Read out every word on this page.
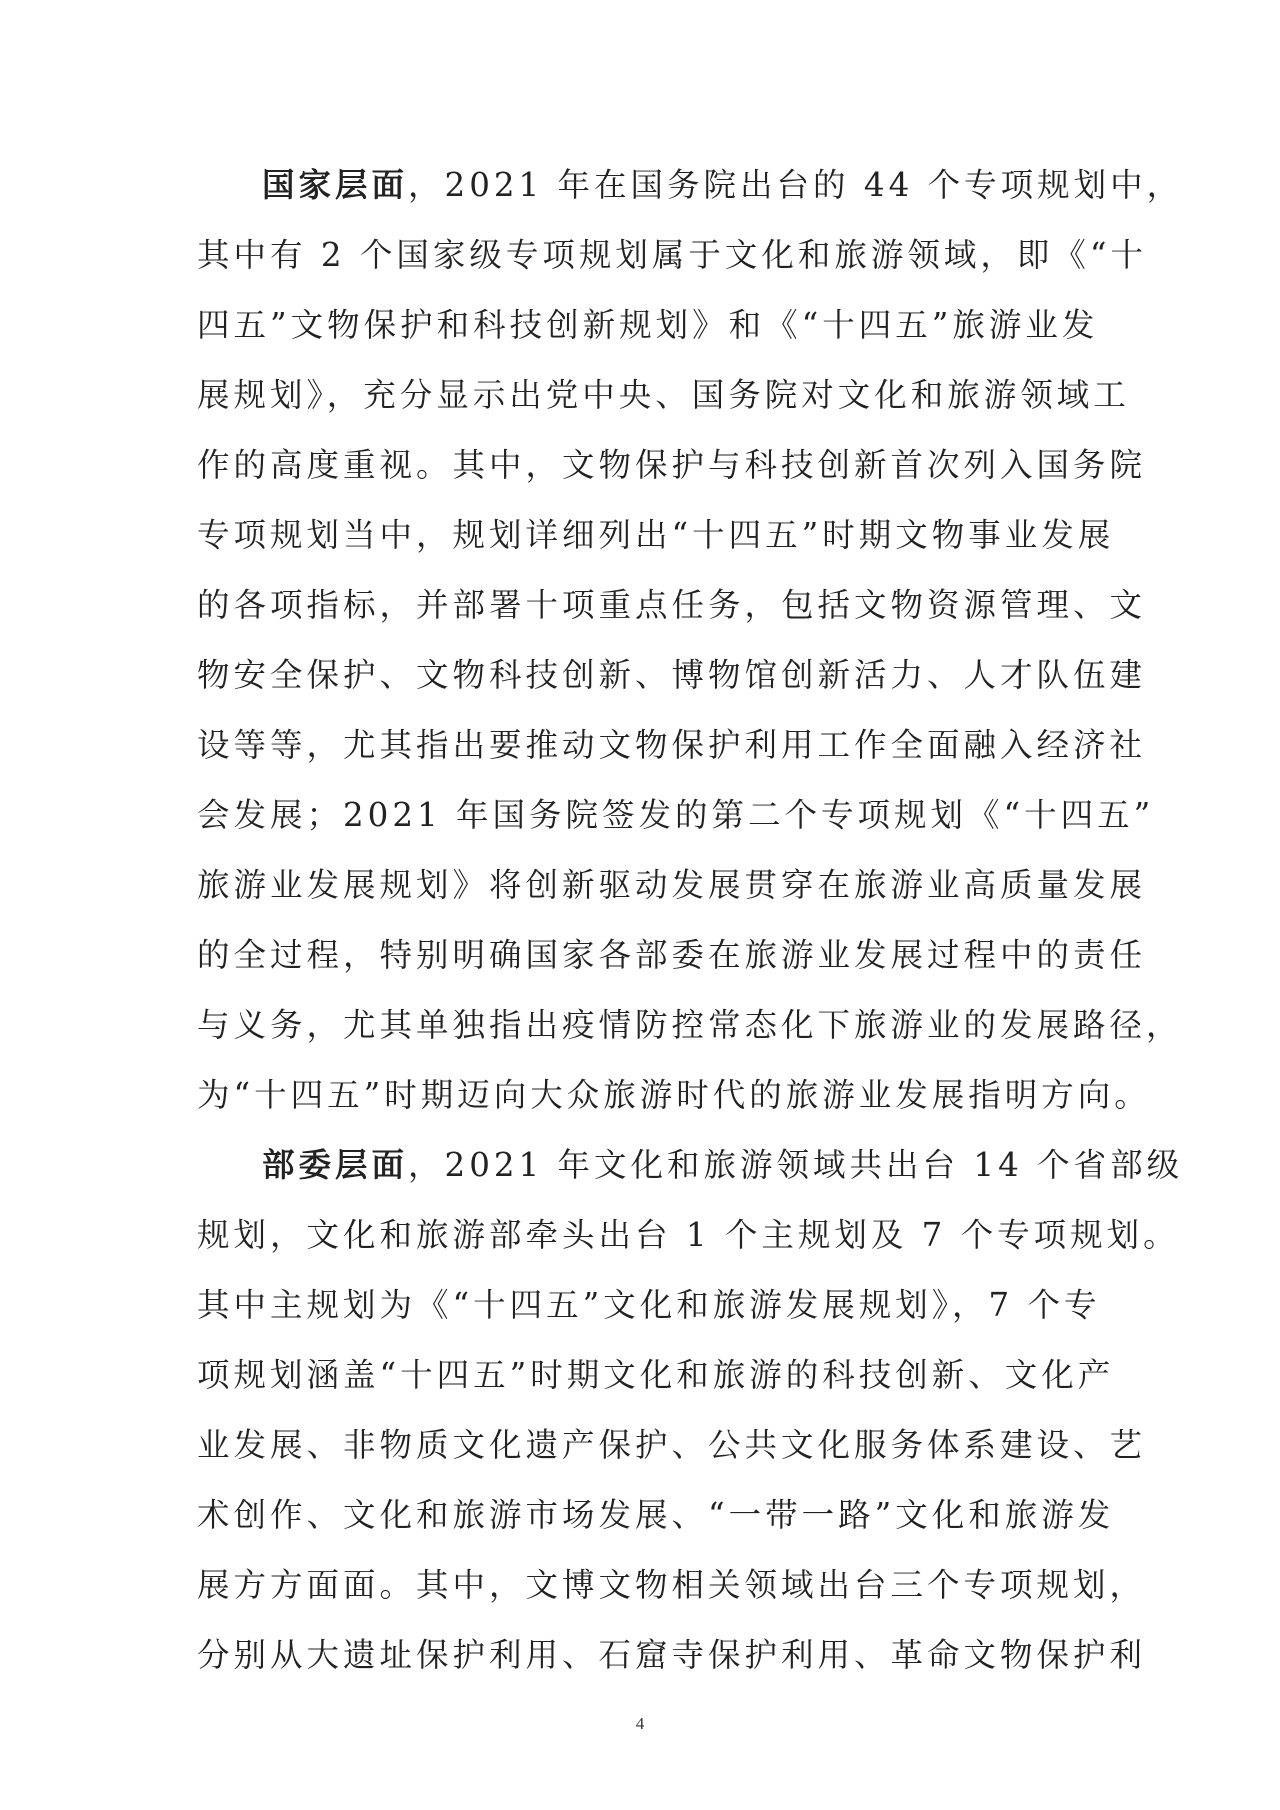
国家层面，2021 年在国务院出台的 44 个专项规划中，
其中有 2 个国家级专项规划属于文化和旅游领域，即《“十
四五”文物保护和科技创新规划》和《“十四五”旅游业发
展规划》，充分显示出党中央、国务院对文化和旅游领域工
作的高度重视。其中，文物保护与科技创新首次列入国务院
专项规划当中，规划详细列出“十四五”时期文物事业发展
的各项指标，并部署十项重点任务，包括文物资源管理、文
物安全保护、文物科技创新、博物馆创新活力、人才队伍建
设等等，尤其指出要推动文物保护利用工作全面融入经济社
会发展；2021 年国务院签发的第二个专项规划《“十四五”
旅游业发展规划》将创新驱动发展贯穿在旅游业高质量发展
的全过程，特别明确国家各部委在旅游业发展过程中的责任
与义务，尤其单独指出疫情防控常态化下旅游业的发展路径，
为“十四五”时期迈向大众旅游时代的旅游业发展指明方向。
部委层面，2021 年文化和旅游领域共出台 14 个省部级
规划，文化和旅游部牵头出台 1 个主规划及 7 个专项规划。
其中主规划为《“十四五”文化和旅游发展规划》，7 个专
项规划涵盖“十四五”时期文化和旅游的科技创新、文化产
业发展、非物质文化遗产保护、公共文化服务体系建设、艺
术创作、文化和旅游市场发展、“一带一路”文化和旅游发
展方方面面。其中，文博文物相关领域出台三个专项规划，
分别从大遗址保护利用、石窟寺保护利用、革命文物保护利
4
